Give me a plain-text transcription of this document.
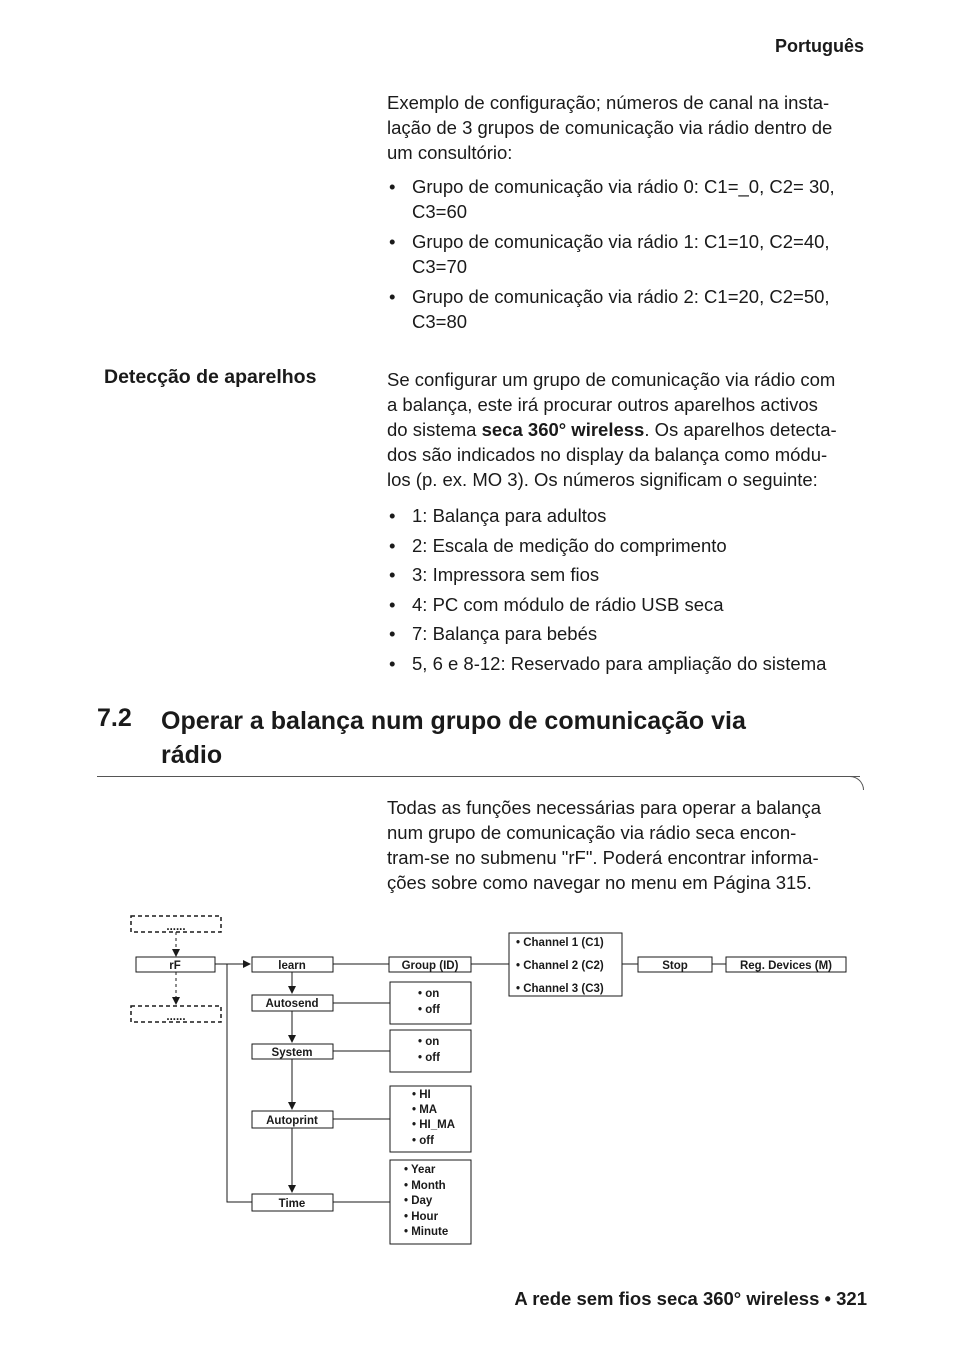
Português

Exemplo de configuração; números de canal na insta-
lação de 3 grupos de comunicação via rádio dentro de
um consultório:

• Grupo de comunicação via rádio 0: C1=_0, C2= 30,
C3=60
• Grupo de comunicação via rádio 1: C1=10, C2=40,
C3=70
• Grupo de comunicação via rádio 2: C1=20, C2=50,
C3=80
Detecção de aparelhos	Se configurar um grupo de comunicação via rádio com
a balança, este irá procurar outros aparelhos activos
do sistema seca 360° wireless. Os aparelhos detecta-
dos são indicados no display da balança como módu-
los (p. ex. MO 3). Os números significam o seguinte:

• 1: Balança para adultos
• 2: Escala de medição do comprimento
• 3: Impressora sem fios
• 4: PC com módulo de rádio USB seca
• 7: Balança para bebés
• 5, 6 e 8-12: Reservado para ampliação do sistema
7.2 Operar a balança num grupo de comunicação via
rádio

Todas as funções necessárias para operar a balança
num grupo de comunicação via rádio seca encon-
tram-se no submenu "rF". Poderá encontrar informa-
ções sobre como navegar no menu em Página 315.

......
......
rF	learn	Group (ID)
• Channel 1 (C1)
• Channel 2 (C2)
• Channel 3 (C3)
Stop	Reg. Devices (M)
Autosend
System
Autoprint
Time
• on
• off
• on
• off
• HI
• MA
• HI_MA
• off
• Year
• Month
• Day
• Hour
• Minute
A rede sem fios seca 360° wireless • 321
